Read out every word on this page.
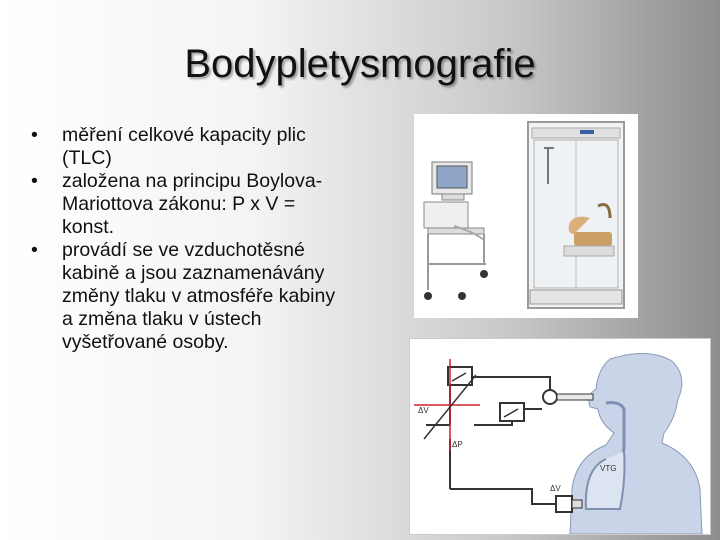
Bodypletysmografie
• měření celkové kapacity plic (TLC)
• založena na principu Boylova-Mariottova zákonu: P x V = konst.
• provádí se ve vzduchotěsné kabině a jsou zaznamenávány změny tlaku v atmosféře kabiny a změna tlaku v ústech vyšetřované osoby.
ΔV
ΔP
VTG
ΔV
